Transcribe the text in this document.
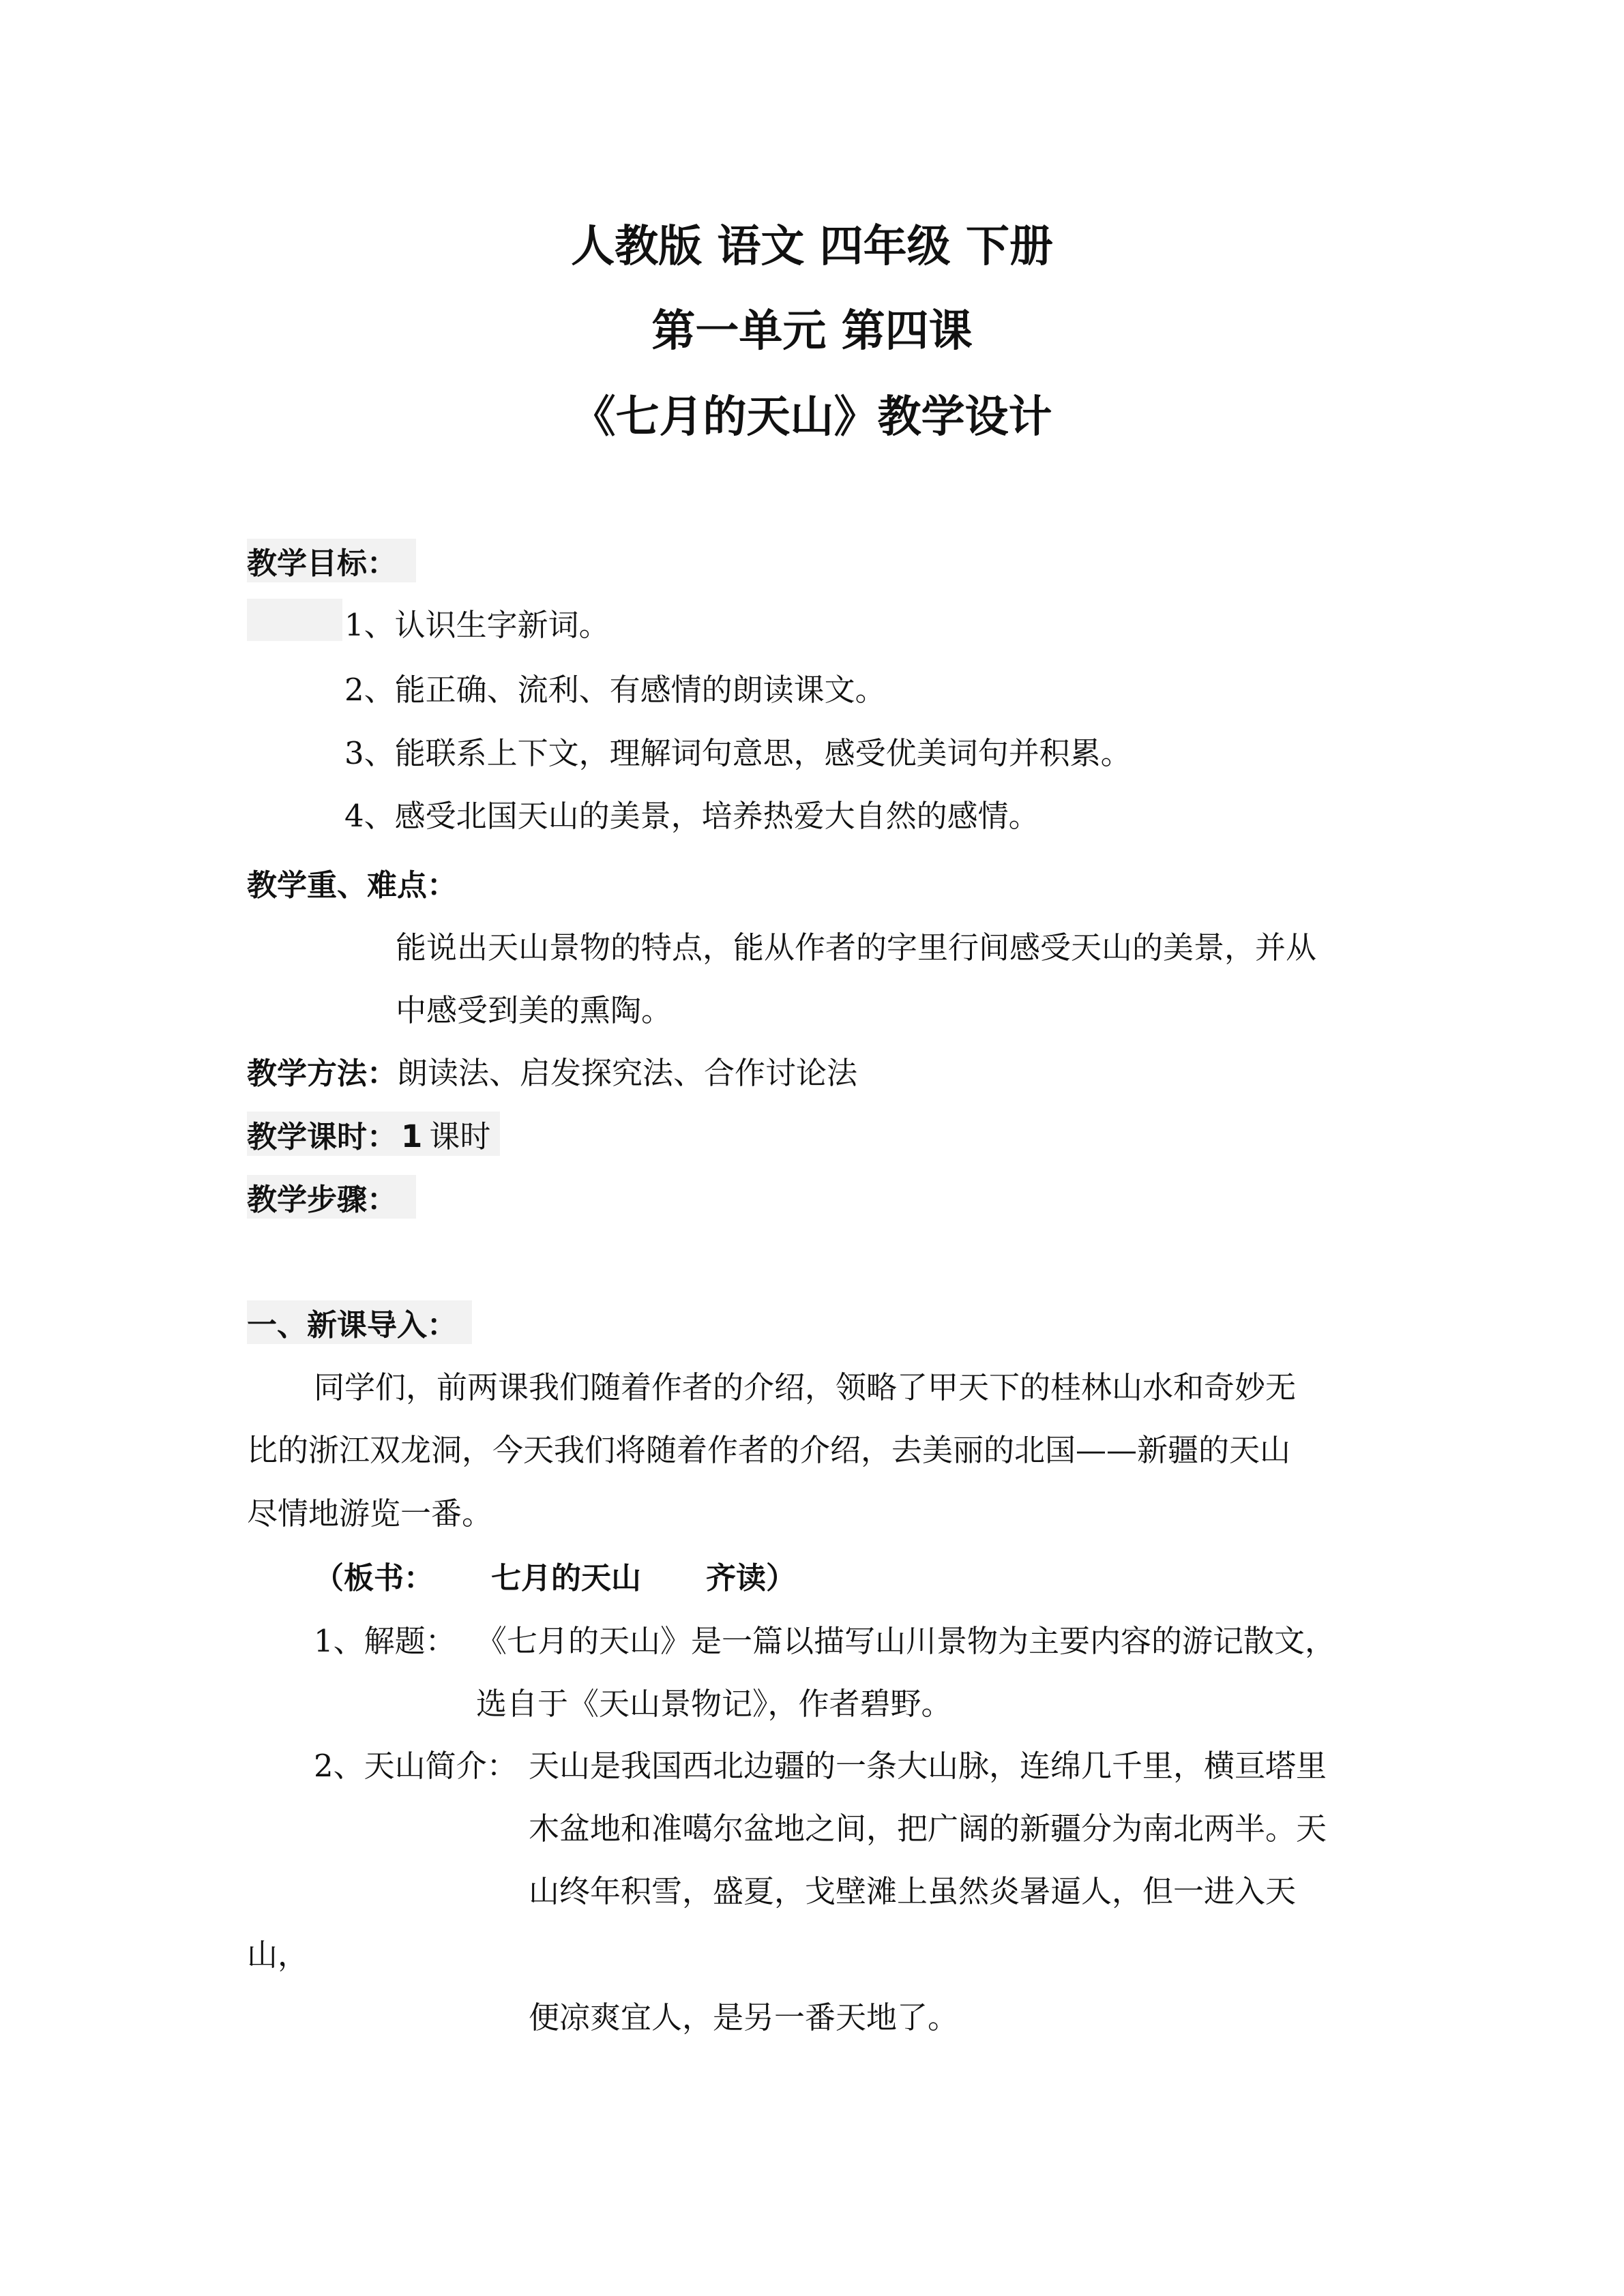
人教版 语文 四年级 下册
第一单元 第四课
《七月的天山》教学设计
教学目标：
1、认识生字新词。
2、能正确、流利、有感情的朗读课文。
3、能联系上下文，理解词句意思，感受优美词句并积累。
4、感受北国天山的美景，培养热爱大自然的感情。
教学重、难点：
能说出天山景物的特点，能从作者的字里行间感受天山的美景，并从
中感受到美的熏陶。
教学方法：朗读法、启发探究法、合作讨论法
教学课时： 1 课时
教学步骤：
一、新课导入：
同学们，前两课我们随着作者的介绍，领略了甲天下的桂林山水和奇妙无
比的浙江双龙洞，今天我们将随着作者的介绍，去美丽的北国——新疆的天山
尽情地游览一番。
（板书： 七月的天山 齐读）
1、解题： 《七月的天山》是一篇以描写山川景物为主要内容的游记散文，
选自于《天山景物记》，作者碧野。
2、天山简介： 天山是我国西北边疆的一条大山脉，连绵几千里，横亘塔里
木盆地和准噶尔盆地之间，把广阔的新疆分为南北两半。天
山终年积雪，盛夏，戈壁滩上虽然炎暑逼人，但一进入天
山，
便凉爽宜人，是另一番天地了。
